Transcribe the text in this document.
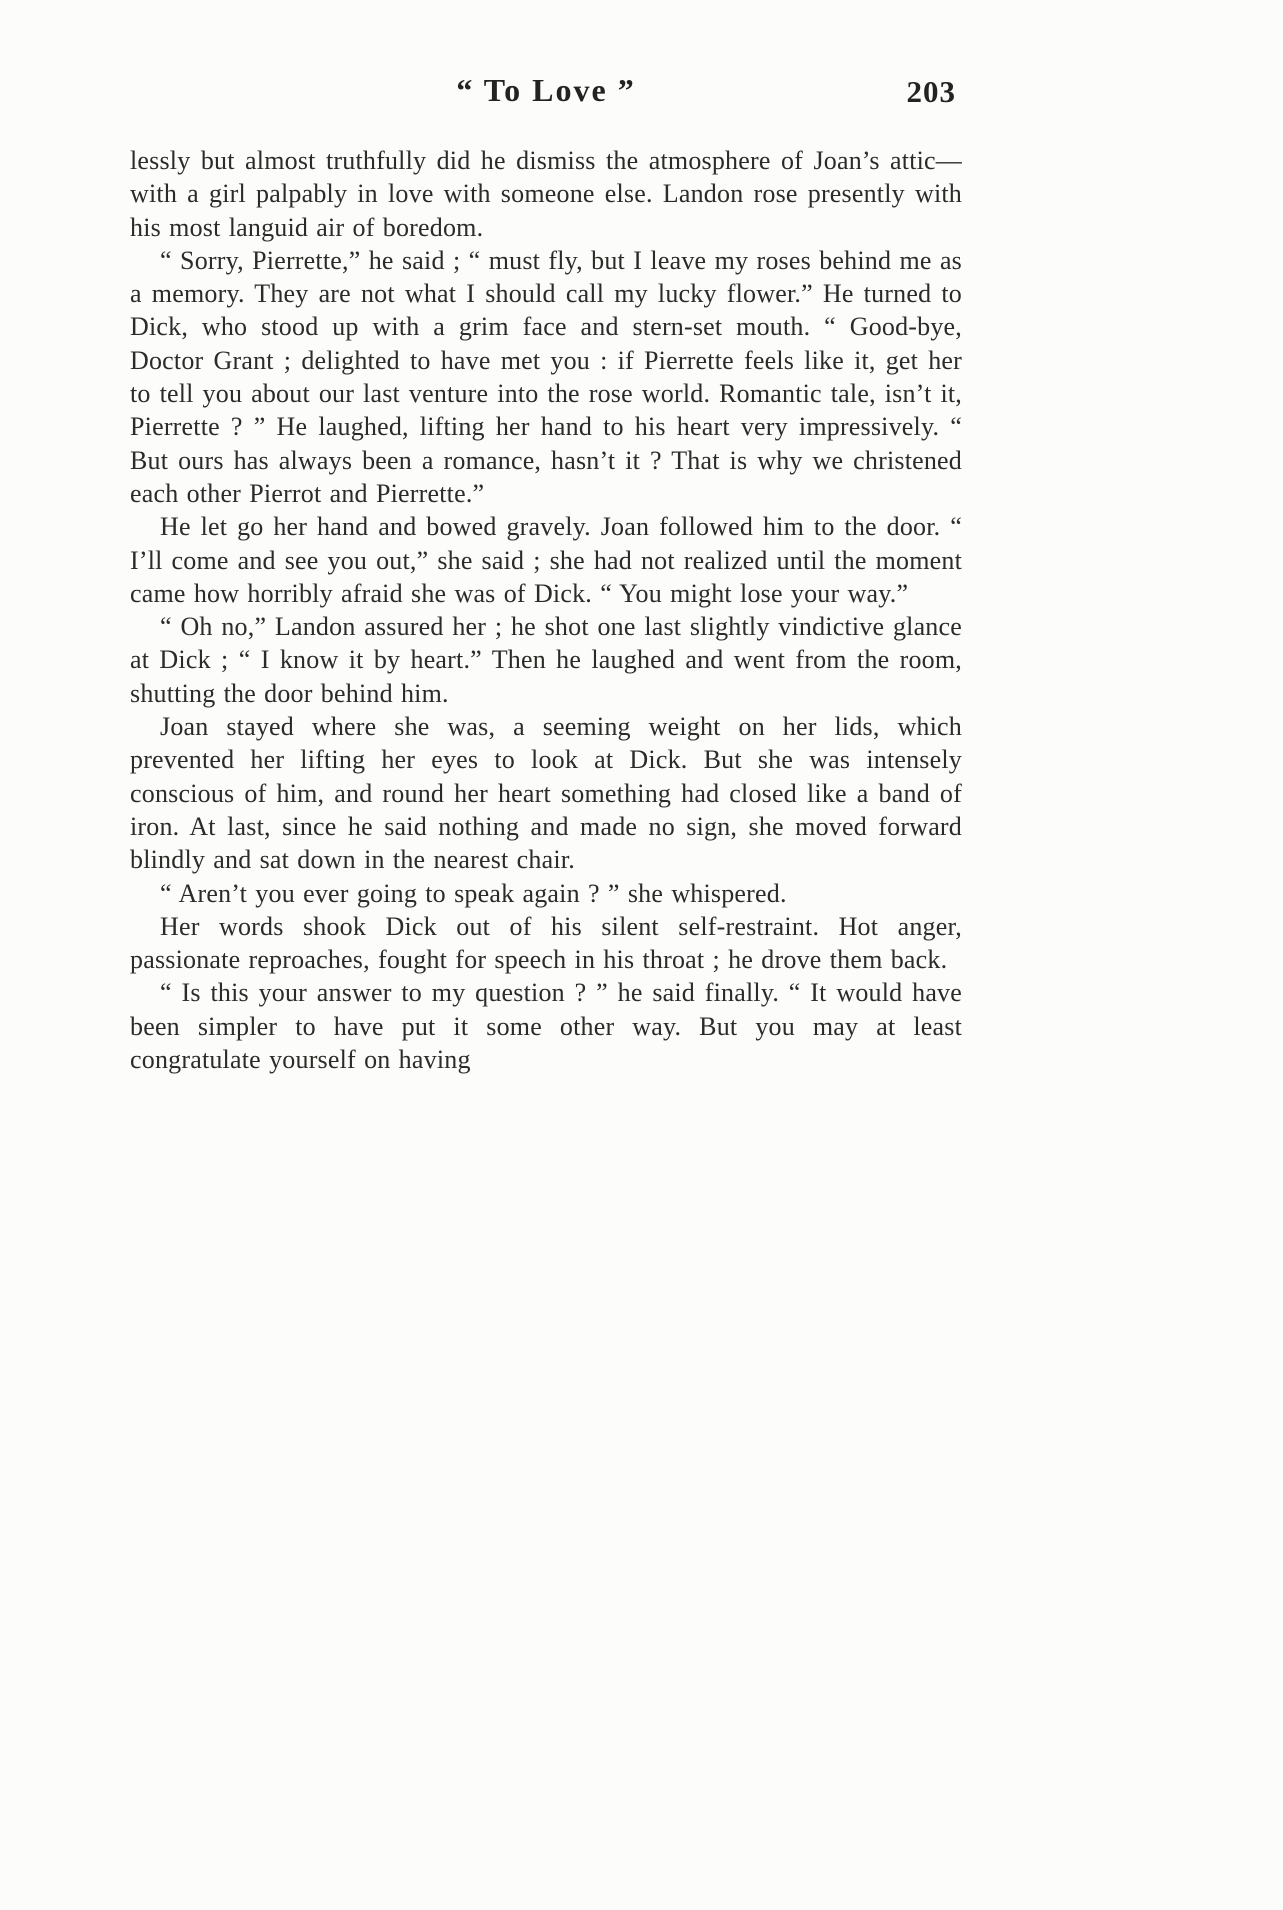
“ To Love ”	203

lessly but almost truthfully did he dismiss the atmosphere of Joan’s attic—with a girl palpably in love with someone else. Landon rose presently with his most languid air of boredom.

“ Sorry, Pierrette,” he said ; “ must fly, but I leave my roses behind me as a memory. They are not what I should call my lucky flower.” He turned to Dick, who stood up with a grim face and stern-set mouth. “ Good-bye, Doctor Grant ; delighted to have met you : if Pierrette feels like it, get her to tell you about our last venture into the rose world. Romantic tale, isn’t it, Pierrette ? ” He laughed, lifting her hand to his heart very impressively. “ But ours has always been a romance, hasn’t it ? That is why we christened each other Pierrot and Pierrette.”

He let go her hand and bowed gravely. Joan followed him to the door. “ I’ll come and see you out,” she said ; she had not realized until the moment came how horribly afraid she was of Dick. “ You might lose your way.”

“ Oh no,” Landon assured her ; he shot one last slightly vindictive glance at Dick ; “ I know it by heart.” Then he laughed and went from the room, shutting the door behind him.

Joan stayed where she was, a seeming weight on her lids, which prevented her lifting her eyes to look at Dick. But she was intensely conscious of him, and round her heart something had closed like a band of iron. At last, since he said nothing and made no sign, she moved forward blindly and sat down in the nearest chair.

“ Aren’t you ever going to speak again ? ” she whispered.

Her words shook Dick out of his silent self-restraint. Hot anger, passionate reproaches, fought for speech in his throat ; he drove them back.

“ Is this your answer to my question ? ” he said finally. “ It would have been simpler to have put it some other way. But you may at least congratulate yourself on having
